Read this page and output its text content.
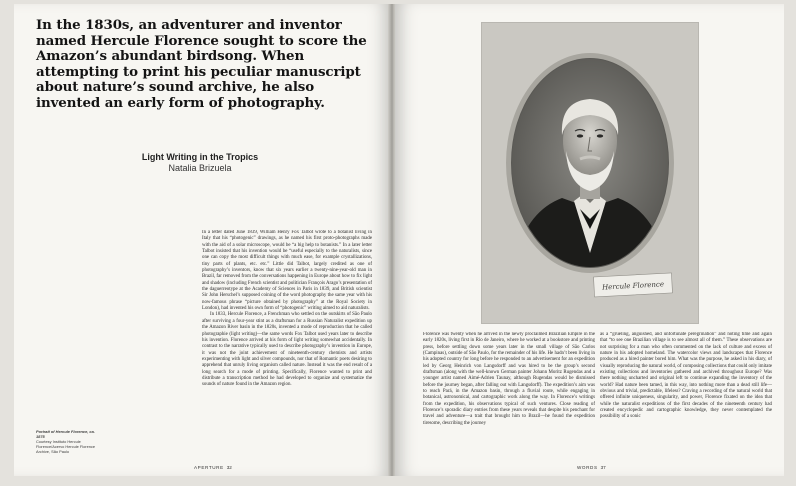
In the 1830s, an adventurer and inventor named Hercule Florence sought to score the Amazon’s abundant birdsong. When attempting to print his peculiar manuscript about nature’s sound archive, he also invented an early form of photography.
Light Writing in the Tropics
Natalia Brizuela

In a letter dated June 1839, William Henry Fox Talbot wrote to a botanist living in Italy that his “photogenic” drawings, as he named his first proto-photographs made with the aid of a solar microscope, would be “a big help to botanists.” In a later letter Talbot insisted that his invention would be “useful especially to the naturalists, since one can copy the most difficult things with much ease, for example crystallizations, tiny parts of plants, etc. etc.” Little did Talbot, largely credited as one of photography’s inventors, know that six years earlier a twenty-nine-year-old man in Brazil, far removed from the conversations happening in Europe about how to fix light and shadow (including French scientist and politician François Arago’s presentation of the daguerreotype at the Academy of Sciences in Paris in 1839, and British scientist Sir John Herschel’s supposed coining of the word photography the same year with his now-famous phrase “picture obtained by photography” at the Royal Society in London), had invented his own form of “photogenic” writing aimed to aid naturalists.

In 1833, Hercule Florence, a Frenchman who settled on the outskirts of São Paulo after surviving a four-year stint as a draftsman for a Russian Naturalist expedition up the Amazon River basin in the 1820s, invented a mode of reproduction that he called photographie (light writing)—the same words Fox Talbot used years later to describe his invention. Florence arrived at his form of light writing somewhat accidentally. In contrast to the narrative typically used to describe photography’s invention in Europe, it was not the joint achievement of nineteenth-century chemists and artists experimenting with light and silver compounds, nor that of Romantic poets desiring to apprehend that unruly living organism called nature. Instead it was the end result of a long search for a mode of printing. Specifically, Florence wanted to print and distribute a transcription method he had developed to organize and systematize the sounds of nature found in the Amazon region.

Portrait of Hercule Florence, ca. 1875
Courtesy Instituto Hercule Florence/Acervo Hercule Florence Archive, São Paulo
APERTURE 32
Hercule Florence

Florence was twenty when he arrived in the newly proclaimed Brazilian Empire in the early 1820s, living first in Rio de Janeiro, where he worked at a bookstore and printing press, before settling down some years later in the small village of São Carlos (Campinas), outside of São Paulo, for the remainder of his life. He hadn’t been living in his adopted country for long before he responded to an advertisement for an expedition led by Georg Heinrich von Langsdorff and was hired to be the group’s second draftsman (along with the well-known German painter Johann Moritz Rugendas and a younger artist named Aimé-Adrien Taunay, although Rugendas would be dismissed before the journey began, after falling out with Langsdorff). The expedition’s aim was to reach Pará, in the Amazon basin, through a fluvial route, while engaging in botanical, astronomical, and cartographic work along the way. In Florence’s writings from the expedition, his observations typical of such ventures. Close reading of Florence’s sporadic diary entries from these years reveals that despite his penchant for travel and adventure—a trait that brought him to Brazil—he found the expedition tiresome, describing the journey

as a “grueling, anguished, and unfortunate peregrination” and noting time and again that “to see one Brazilian village is to see almost all of them.” These observations are not surprising for a man who often commented on the lack of culture and excess of nature in his adopted homeland. The watercolor views and landscapes that Florence produced as a hired painter bored him. What was the purpose, he asked in his diary, of visually reproducing the natural world, of composing collections that could only imitate existing collections and inventories gathered and archived throughout Europe? Was there nothing uncharted and original left to continue expanding the inventory of the world? Had nature been tamed, in this way, into nothing more than a dead still life—obvious and trivial, predictable, lifeless? Craving a recording of the natural world that offered infinite uniqueness, singularity, and power, Florence fixated on the idea that while the naturalist expeditions of the first decades of the nineteenth century had created encyclopedic and cartographic knowledge, they never contemplated the possibility of a sonic

WORDS 37
